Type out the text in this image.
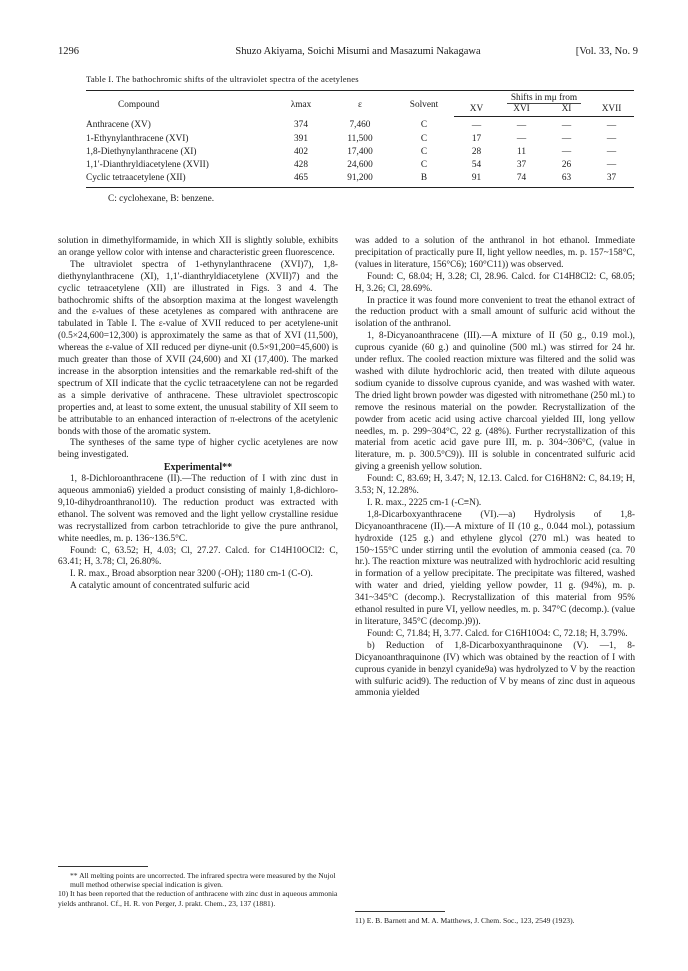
1296	Shuzo Akiyama, Soichi Misumi and Masazumi Nakagawa	[Vol. 33, No. 9
Table I. The bathochromic shifts of the ultraviolet spectra of the acetylenes
Compound	λmax	ε	Solvent	Shifts in mμ from			
				XV	XVI	XI	XVII
Anthracene (XV)	374	7,460	C	—	—	—	—
1-Ethynylanthracene (XVI)	391	11,500	C	17	—	—	—
1,8-Diethynylanthracene (XI)	402	17,400	C	28	11	—	—
1,1′-Dianthryldiacetylene (XVII)	428	24,600	C	54	37	26	—
Cyclic tetraacetylene (XII)	465	91,200	B	91	74	63	37
C: cyclohexane, B: benzene.

solution in dimethylformamide, in which XII is slightly soluble, exhibits an orange yellow color with intense and characteristic green fluorescence.

The ultraviolet spectra of 1-ethynylanthracene (XVI)7), 1,8-diethynylanthracene (XI), 1,1′-dianthryldiacetylene (XVII)7) and the cyclic tetraacetylene (XII) are illustrated in Figs. 3 and 4. The bathochromic shifts of the absorption maxima at the longest wavelength and the ε-values of these acetylenes as compared with anthracene are tabulated in Table I. The ε-value of XVII reduced to per acetylene-unit (0.5×24,600=12,300) is approximately the same as that of XVI (11,500), whereas the ε-value of XII reduced per diyne-unit (0.5×91,200=45,600) is much greater than those of XVII (24,600) and XI (17,400). The marked increase in the absorption intensities and the remarkable red-shift of the spectrum of XII indicate that the cyclic tetraacetylene can not be regarded as a simple derivative of anthracene. These ultraviolet spectroscopic properties and, at least to some extent, the unusual stability of XII seem to be attributable to an enhanced interaction of π-electrons of the acetylenic bonds with those of the aromatic system.

The syntheses of the same type of higher cyclic acetylenes are now being investigated.

Experimental**

1, 8-Dichloroanthracene (II).—The reduction of I with zinc dust in aqueous ammonia6) yielded a product consisting of mainly 1,8-dichloro-9,10-dihydroanthranol10). The reduction product was extracted with ethanol. The solvent was removed and the light yellow crystalline residue was recrystallized from carbon tetrachloride to give the pure anthranol, white needles, m. p. 136~136.5°C.

Found: C, 63.52; H, 4.03; Cl, 27.27. Calcd. for C14H10OCl2: C, 63.41; H, 3.78; Cl, 26.80%.

I. R. max., Broad absorption near 3200 (-OH); 1180 cm-1 (C-O).

A catalytic amount of concentrated sulfuric acid

was added to a solution of the anthranol in hot ethanol. Immediate precipitation of practically pure II, light yellow needles, m. p. 157~158°C, (values in literature, 156°C6); 160°C11)) was observed.

Found: C, 68.04; H, 3.28; Cl, 28.96. Calcd. for C14H8Cl2: C, 68.05; H, 3.26; Cl, 28.69%.

In practice it was found more convenient to treat the ethanol extract of the reduction product with a small amount of sulfuric acid without the isolation of the anthranol.

1, 8-Dicyanoanthracene (III).—A mixture of II (50 g., 0.19 mol.), cuprous cyanide (60 g.) and quinoline (500 ml.) was stirred for 24 hr. under reflux. The cooled reaction mixture was filtered and the solid was washed with dilute hydrochloric acid, then treated with dilute aqueous sodium cyanide to dissolve cuprous cyanide, and was washed with water. The dried light brown powder was digested with nitromethane (250 ml.) to remove the resinous material on the powder. Recrystallization of the powder from acetic acid using active charcoal yielded III, long yellow needles, m. p. 299~304°C, 22 g. (48%). Further recrystallization of this material from acetic acid gave pure III, m. p. 304~306°C, (value in literature, m. p. 300.5°C9)). III is soluble in concentrated sulfuric acid giving a greenish yellow solution.

Found: C, 83.69; H, 3.47; N, 12.13. Calcd. for C16H8N2: C, 84.19; H, 3.53; N, 12.28%.

I. R. max., 2225 cm-1 (-C≡N).

1,8-Dicarboxyanthracene (VI).—a) Hydrolysis of 1,8-Dicyanoanthracene (II).—A mixture of II (10 g., 0.044 mol.), potassium hydroxide (125 g.) and ethylene glycol (270 ml.) was heated to 150~155°C under stirring until the evolution of ammonia ceased (ca. 70 hr.). The reaction mixture was neutralized with hydrochloric acid resulting in formation of a yellow precipitate. The precipitate was filtered, washed with water and dried, yielding yellow powder, 11 g. (94%), m. p. 341~345°C (decomp.). Recrystallization of this material from 95% ethanol resulted in pure VI, yellow needles, m. p. 347°C (decomp.). (value in literature, 345°C (decomp.)9)).

Found: C, 71.84; H, 3.77. Calcd. for C16H10O4: C, 72.18; H, 3.79%.

b) Reduction of 1,8-Dicarboxyanthraquinone (V). —1, 8-Dicyanoanthraquinone (IV) which was obtained by the reaction of I with cuprous cyanide in benzyl cyanide9a) was hydrolyzed to V by the reaction with sulfuric acid9). The reduction of V by means of zinc dust in aqueous ammonia yielded

** All melting points are uncorrected. The infrared spectra were measured by the Nujol mull method otherwise special indication is given.

10) It has been reported that the reduction of anthracene with zinc dust in aqueous ammonia yields anthranol. Cf., H. R. von Perger, J. prakt. Chem., 23, 137 (1881).

11) E. B. Barnett and M. A. Matthews, J. Chem. Soc., 123, 2549 (1923).
